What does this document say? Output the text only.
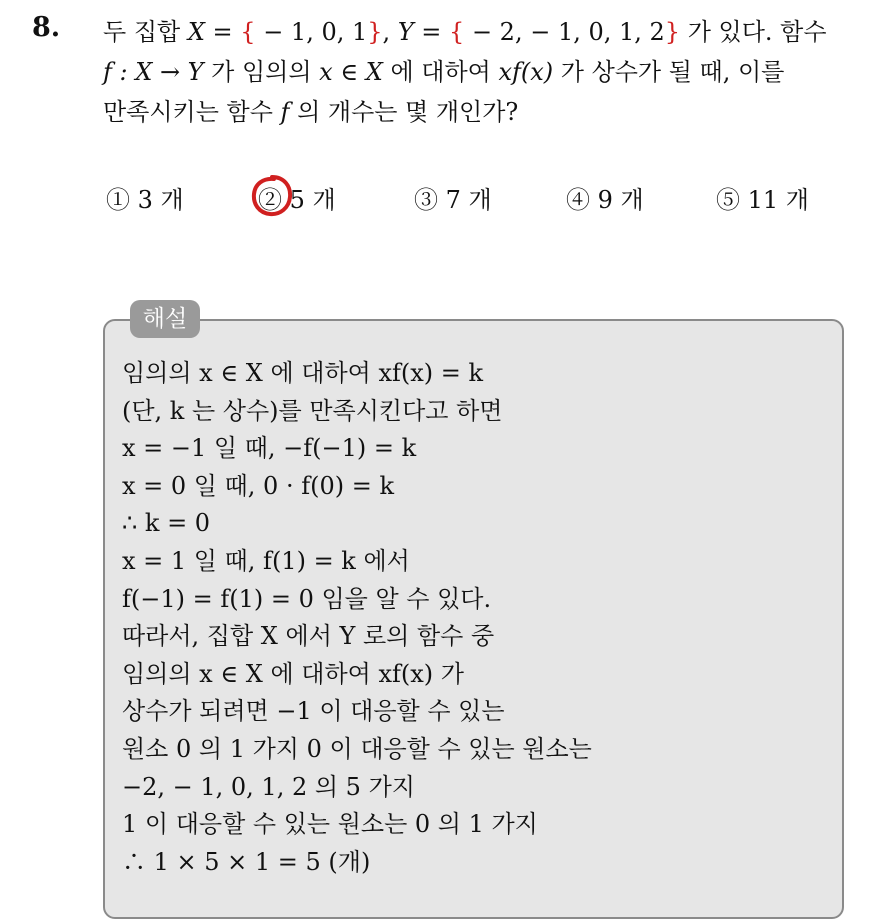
8. 두 집합 X = { − 1, 0, 1}, Y = { − 2, − 1, 0, 1, 2} 가 있다. 함수
f : X → Y 가 임의의 x ∈ X 에 대하여 xf(x) 가 상수가 될 때, 이를
만족시키는 함수 f 의 개수는 몇 개인가?
① 3 개	② 5 개	③ 7 개	④ 9 개	⑤ 11 개
해설
임의의 x ∈ X 에 대하여 xf(x) = k
(단, k 는 상수)를 만족시킨다고 하면
x = −1 일 때, −f(−1) = k
x = 0 일 때, 0 · f(0) = k
∴ k = 0
x = 1 일 때, f(1) = k 에서
f(−1) = f(1) = 0 임을 알 수 있다.
따라서, 집합 X 에서 Y 로의 함수 중
임의의 x ∈ X 에 대하여 xf(x) 가
상수가 되려면 −1 이 대응할 수 있는
원소 0 의 1 가지 0 이 대응할 수 있는 원소는
−2, − 1, 0, 1, 2 의 5 가지
1 이 대응할 수 있는 원소는 0 의 1 가지
∴ 1 × 5 × 1 = 5 (개)
